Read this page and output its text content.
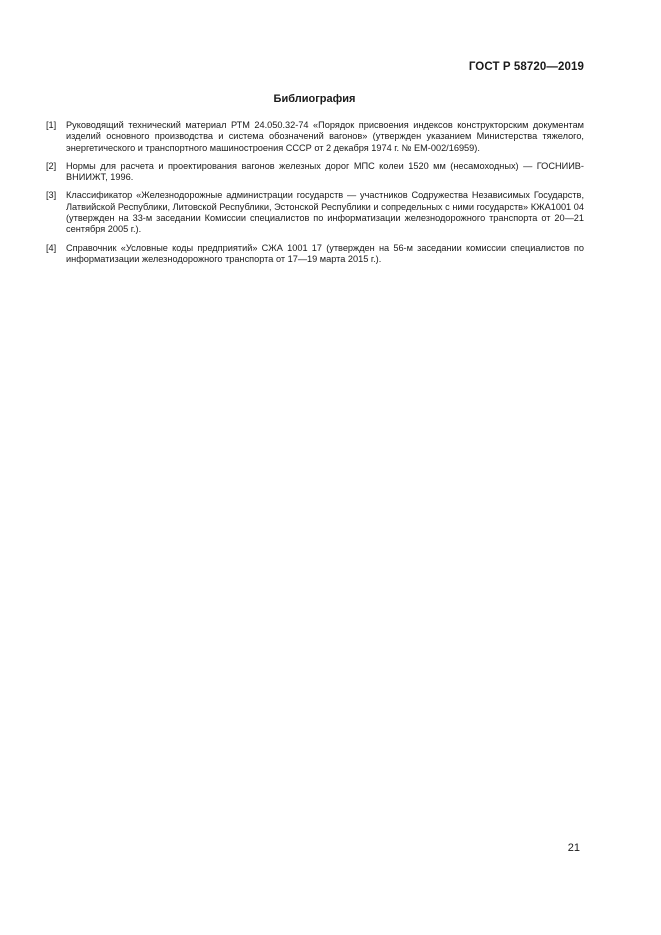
ГОСТ Р 58720—2019
Библиография
[1]	Руководящий технический материал РТМ 24.050.32-74 «Порядок присвоения индексов конструкторским документам изделий основного производства и система обозначений вагонов» (утвержден указанием Министерства тяжелого, энергетического и транспортного машиностроения СССР от 2 декабря 1974 г. № ЕМ-002/16959).
[2]	Нормы для расчета и проектирования вагонов железных дорог МПС колеи 1520 мм (несамоходных) — ГОСНИИВ-ВНИИЖТ, 1996.
[3]	Классификатор «Железнодорожные администрации государств — участников Содружества Независимых Государств, Латвийской Республики, Литовской Республики, Эстонской Республики и сопредельных с ними государств» КЖА1001 04 (утвержден на 33-м заседании Комиссии специалистов по информатизации железнодорожного транспорта от 20—21 сентября 2005 г.).
[4]	Справочник «Условные коды предприятий» СЖА 1001 17 (утвержден на 56-м заседании комиссии специалистов по информатизации железнодорожного транспорта от 17—19 марта 2015 г.).
21
